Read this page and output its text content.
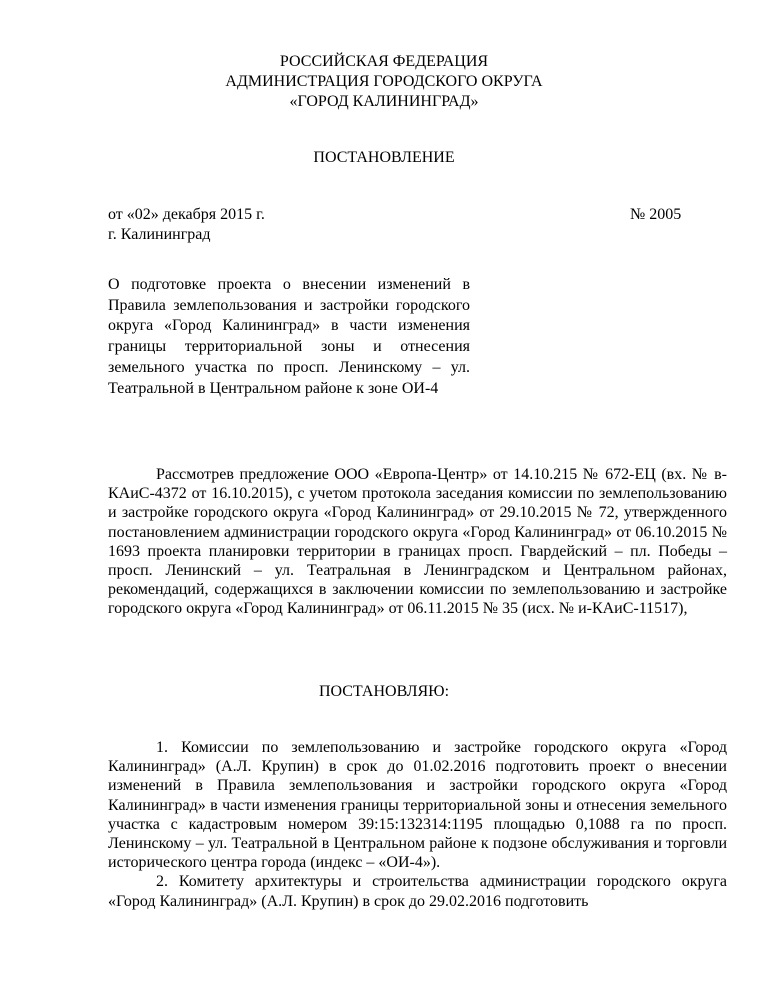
РОССИЙСКАЯ ФЕДЕРАЦИЯ
АДМИНИСТРАЦИЯ ГОРОДСКОГО ОКРУГА
«ГОРОД КАЛИНИНГРАД»
ПОСТАНОВЛЕНИЕ
от «02» декабря 2015 г.	№ 2005
г. Калининград
О подготовке проекта о внесении изменений в Правила землепользования и застройки городского округа «Город Калининград» в части изменения границы территориальной зоны и отнесения земельного участка по просп. Ленинскому – ул. Театральной в Центральном районе к зоне ОИ-4

Рассмотрев предложение ООО «Европа-Центр» от 14.10.215 № 672-ЕЦ (вх. № в-КАиС-4372 от 16.10.2015), с учетом протокола заседания комиссии по землепользованию и застройке городского округа «Город Калининград» от 29.10.2015 № 72, утвержденного постановлением администрации городского округа «Город Калининград» от 06.10.2015 № 1693 проекта планировки территории в границах просп. Гвардейский – пл. Победы – просп. Ленинский – ул. Театральная в Ленинградском и Центральном районах, рекомендаций, содержащихся в заключении комиссии по землепользованию и застройке городского округа «Город Калининград» от 06.11.2015 № 35 (исх. № и-КАиС-11517),

ПОСТАНОВЛЯЮ:

1. Комиссии по землепользованию и застройке городского округа «Город Калининград» (А.Л. Крупин) в срок до 01.02.2016 подготовить проект о внесении изменений в Правила землепользования и застройки городского округа «Город Калининград» в части изменения границы территориальной зоны и отнесения земельного участка с кадастровым номером 39:15:132314:1195 площадью 0,1088 га по просп. Ленинскому – ул. Театральной в Центральном районе к подзоне обслуживания и торговли исторического центра города (индекс – «ОИ-4»).

2. Комитету архитектуры и строительства администрации городского округа «Город Калининград» (А.Л. Крупин) в срок до 29.02.2016 подготовить
